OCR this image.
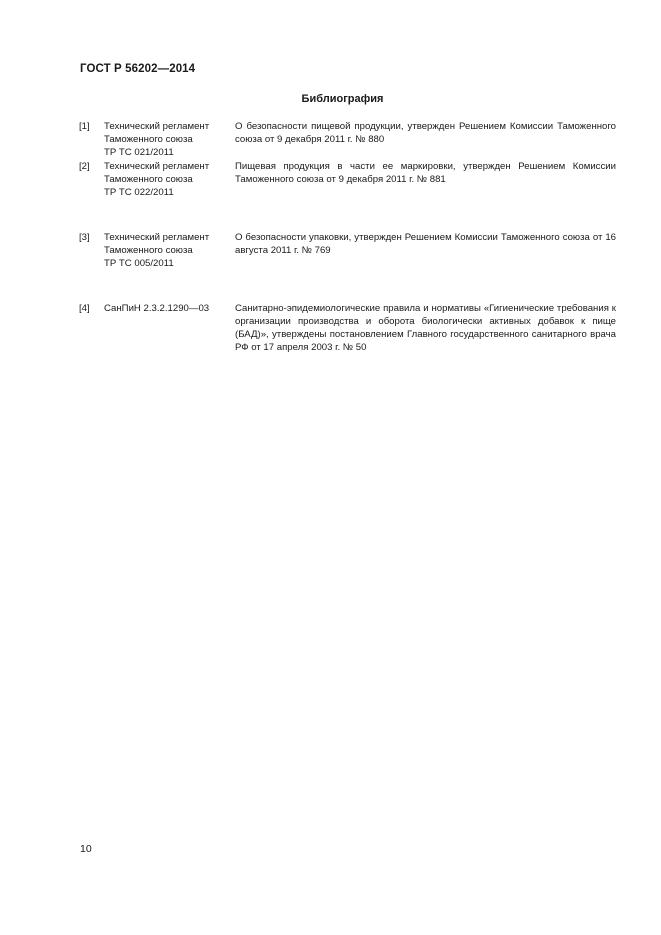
ГОСТ Р 56202—2014
Библиография
[1] Технический регламент
Таможенного союза
ТР ТС 021/2011
О безопасности пищевой продукции, утвержден Решением Комиссии Таможенного союза от 9 декабря 2011 г. № 880
[2] Технический регламент
Таможенного союза
ТР ТС 022/2011
Пищевая продукция в части ее маркировки, утвержден Решением Комиссии Таможенного союза от 9 декабря 2011 г. № 881
[3] Технический регламент
Таможенного союза
ТР ТС 005/2011
О безопасности упаковки, утвержден Решением Комиссии Таможенного союза от 16 августа 2011 г. № 769
[4] СанПиН 2.3.2.1290—03	Санитарно-эпидемиологические правила и нормативы «Гигиенические требования к организации производства и оборота биологически активных добавок к пище (БАД)», утверждены постановлением Главного государственного санитарного врача РФ от 17 апреля 2003 г. № 50
10
